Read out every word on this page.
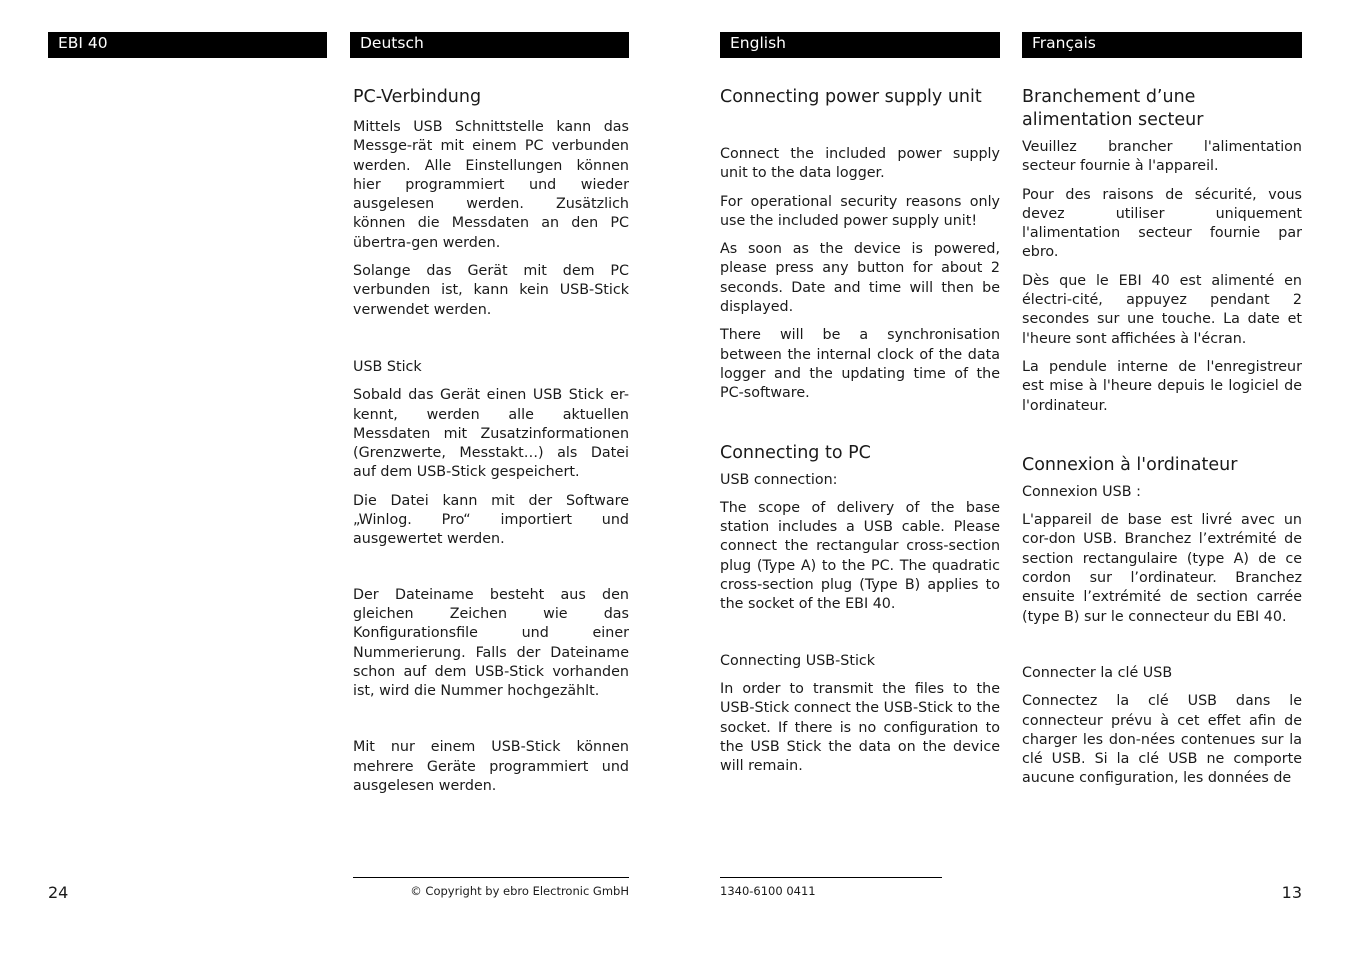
EBI 40	Deutsch	English	Français
PC-Verbindung

Mittels USB Schnittstelle kann das Messge-rät mit einem PC verbunden werden. Alle Einstellungen können hier programmiert und wieder ausgelesen werden. Zusätzlich können die Messdaten an den PC übertra-gen werden.

Solange das Gerät mit dem PC verbunden ist, kann kein USB-Stick verwendet werden.

USB Stick

Sobald das Gerät einen USB Stick er-kennt, werden alle aktuellen Messdaten mit Zusatzinformationen (Grenzwerte, Messtakt…) als Datei auf dem USB-Stick gespeichert.

Die Datei kann mit der Software „Winlog. Pro“ importiert und ausgewertet werden.

Der Dateiname besteht aus den gleichen Zeichen wie das Konfigurationsfile und einer Nummerierung. Falls der Dateiname schon auf dem USB-Stick vorhanden ist, wird die Nummer hochgezählt.

Mit nur einem USB-Stick können mehrere Geräte programmiert und ausgelesen werden.

Connecting power supply unit

Connect the included power supply unit to the data logger.

For operational security reasons only use the included power supply unit!

As soon as the device is powered, please press any button for about 2 seconds. Date and time will then be displayed.

There will be a synchronisation between the internal clock of the data logger and the updating time of the PC-software.

Connecting to PC
USB connection:

The scope of delivery of the base station includes a USB cable. Please connect the rectangular cross-section plug (Type A) to the PC. The quadratic cross-section plug (Type B) applies to the socket of the EBI 40.

Connecting USB-Stick

In order to transmit the files to the USB-Stick connect the USB-Stick to the socket. If there is no configuration to the USB Stick the data on the device will remain.

Branchement d’une alimentation secteur

Veuillez brancher l'alimentation secteur fournie à l'appareil.

Pour des raisons de sécurité, vous devez utiliser uniquement l'alimentation secteur fournie par ebro.

Dès que le EBI 40 est alimenté en électri-cité, appuyez pendant 2 secondes sur une touche. La date et l'heure sont affichées à l'écran.

La pendule interne de l'enregistreur est mise à l'heure depuis le logiciel de l'ordinateur.

Connexion à l'ordinateur
Connexion USB :

L'appareil de base est livré avec un cor-don USB. Branchez l’extrémité de section rectangulaire (type A) de ce cordon sur l’ordinateur. Branchez ensuite l’extrémité de section carrée (type B) sur le connecteur du EBI 40.

Connecter la clé USB

Connectez la clé USB dans le connecteur prévu à cet effet afin de charger les don-nées contenues sur la clé USB. Si la clé USB ne comporte aucune configuration, les données de

24	13
© Copyright by ebro Electronic GmbH	1340-6100 0411
